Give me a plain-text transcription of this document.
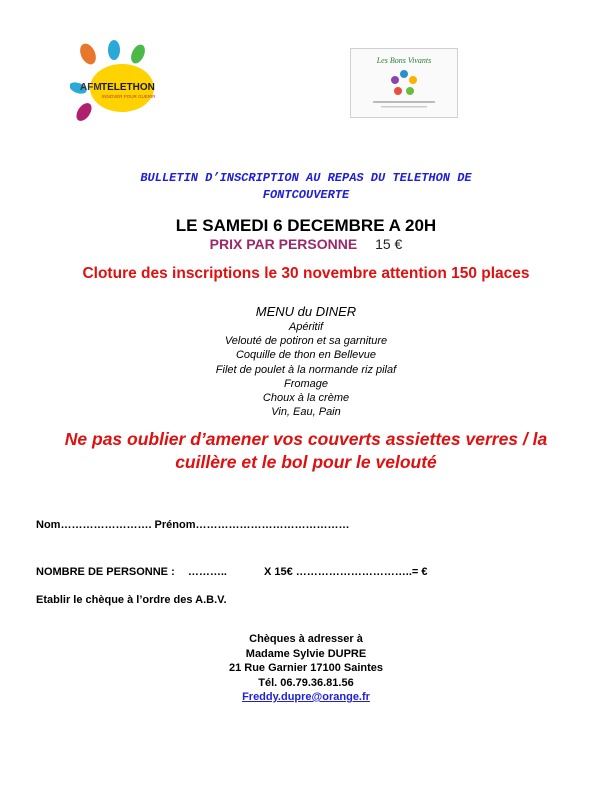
AFM TELETHON
INNOVER POUR GUERIR
Les Bons Vivants
BULLETIN D’INSCRIPTION AU REPAS DU TELETHON DE
FONTCOUVERTE
LE SAMEDI 6 DECEMBRE A 20H
PRIX PAR PERSONNE 15 €
Cloture des inscriptions le 30 novembre attention 150 places
MENU du DINER
Apéritif
Velouté de potiron et sa garniture
Coquille de thon en Bellevue
Filet de poulet à la normande riz pilaf
Fromage
Choux à la crème
Vin, Eau, Pain
Ne pas oublier d’amener vos couverts assiettes verres / la
cuillère et le bol pour le velouté
Nom……………………. Prénom……………………………………
NOMBRE DE PERSONNE : ………..	X 15€ …………………………..= €
Etablir le chèque à l’ordre des A.B.V.
Chèques à adresser à
Madame Sylvie DUPRE
21 Rue Garnier 17100 Saintes
Tél. 06.79.36.81.56
Freddy.dupre@orange.fr
